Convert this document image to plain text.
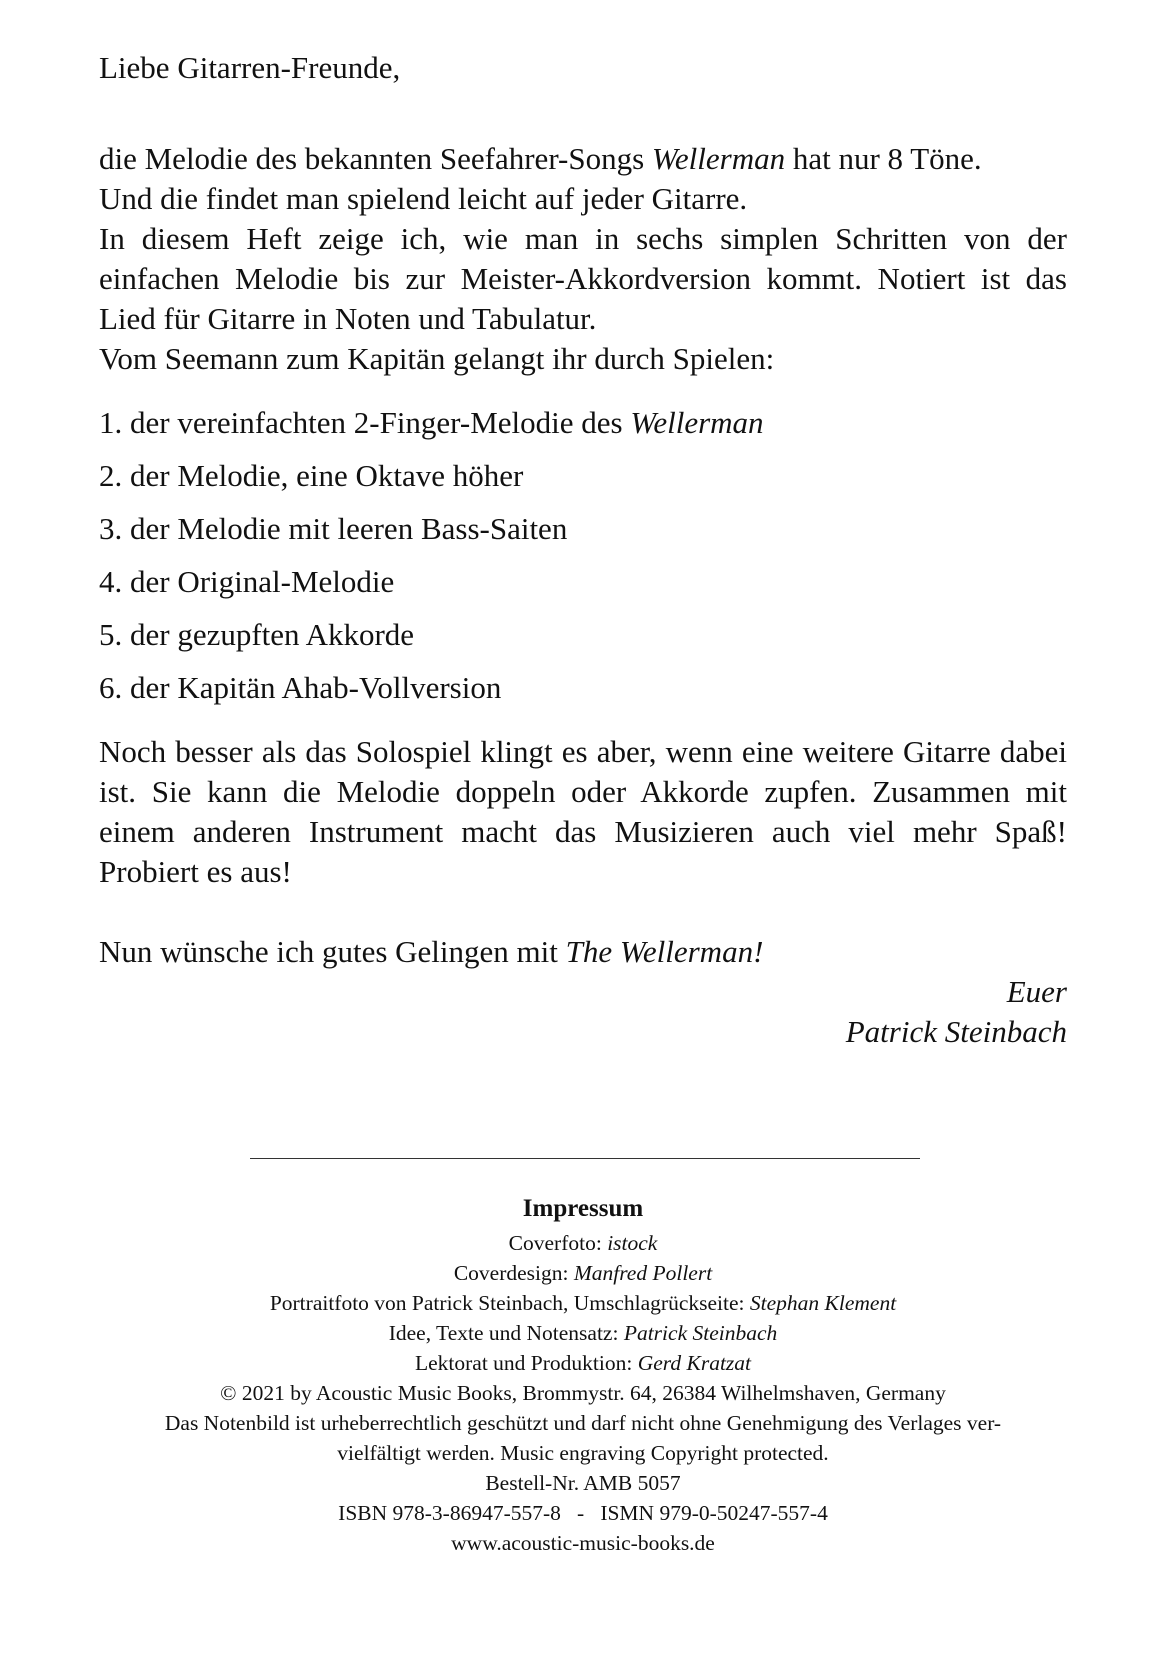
Liebe Gitarren-Freunde,

die Melodie des bekannten Seefahrer-Songs Wellerman hat nur 8 Töne.
Und die findet man spielend leicht auf jeder Gitarre.

In diesem Heft zeige ich, wie man in sechs simplen Schritten von der einfachen Melodie bis zur Meister-Akkordversion kommt. Notiert ist das Lied für Gitarre in Noten und Tabulatur.

Vom Seemann zum Kapitän gelangt ihr durch Spielen:

1. der vereinfachten 2-Finger-Melodie des Wellerman
2. der Melodie, eine Oktave höher
3. der Melodie mit leeren Bass-Saiten
4. der Original-Melodie
5. der gezupften Akkorde
6. der Kapitän Ahab-Vollversion

Noch besser als das Solospiel klingt es aber, wenn eine weitere Gitarre dabei ist. Sie kann die Melodie doppeln oder Akkorde zupfen. Zusammen mit einem anderen Instrument macht das Musizieren auch viel mehr Spaß! Probiert es aus!

Nun wünsche ich gutes Gelingen mit The Wellerman!

Euer

Patrick Steinbach

Impressum

Coverfoto: istock

Coverdesign: Manfred Pollert

Portraitfoto von Patrick Steinbach, Umschlagrückseite: Stephan Klement

Idee, Texte und Notensatz: Patrick Steinbach

Lektorat und Produktion: Gerd Kratzat

© 2021 by Acoustic Music Books, Brommystr. 64, 26384 Wilhelmshaven, Germany

Das Notenbild ist urheberrechtlich geschützt und darf nicht ohne Genehmigung des Verlages ver-

vielfältigt werden. Music engraving Copyright protected.

Bestell-Nr. AMB 5057

ISBN 978-3-86947-557-8   -   ISMN 979-0-50247-557-4

www.acoustic-music-books.de
